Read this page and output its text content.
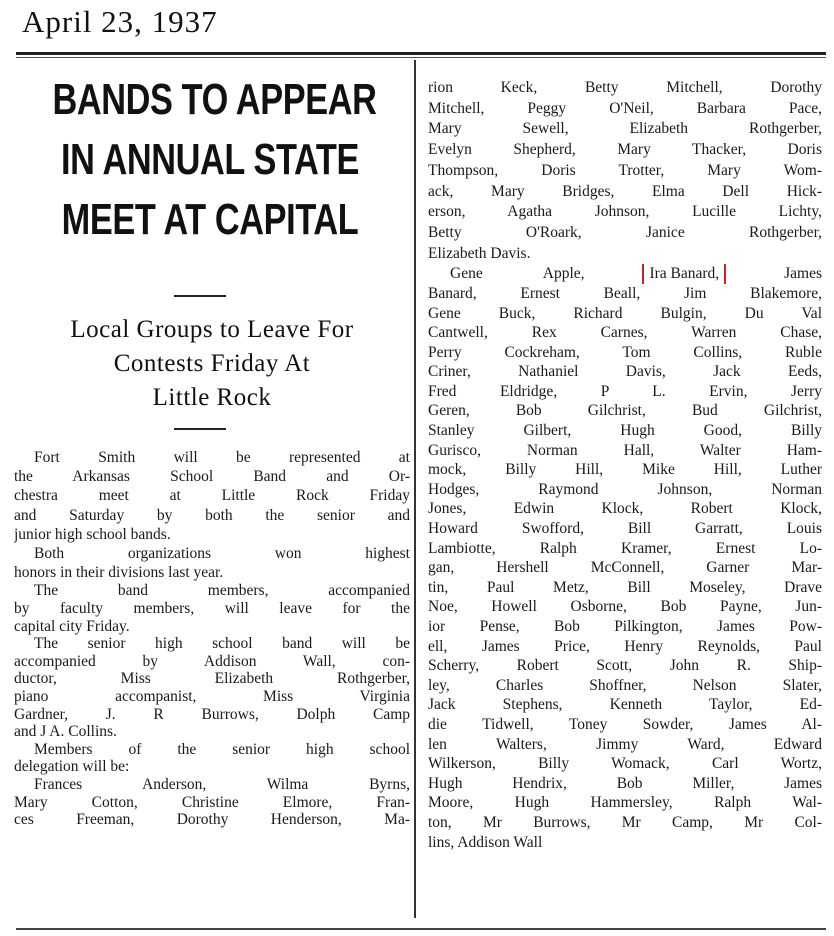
April 23, 1937
BANDS TO APPEAR
IN ANNUAL STATE
MEET AT CAPITAL
Local Groups to Leave For
Contests Friday At
Little Rock
Fort Smith will be represented at
the Arkansas School Band and Or-
chestra meet at Little Rock Friday
and Saturday by both the senior and
junior high school bands.
Both organizations won highest
honors in their divisions last year.
The band members, accompanied
by faculty members, will leave for the
capital city Friday.
The senior high school band will be
accompanied by Addison Wall, con-
ductor, Miss Elizabeth Rothgerber,
piano accompanist, Miss Virginia
Gardner, J. R Burrows, Dolph Camp
and J A. Collins.
Members of the senior high school
delegation will be:
Frances Anderson, Wilma Byrns,
Mary Cotton, Christine Elmore, Fran-
ces Freeman, Dorothy Henderson, Ma-
rion Keck, Betty Mitchell, Dorothy
Mitchell, Peggy O'Neil, Barbara Pace,
Mary Sewell, Elizabeth Rothgerber,
Evelyn Shepherd, Mary Thacker, Doris
Thompson, Doris Trotter, Mary Wom-
ack, Mary Bridges, Elma Dell Hick-
erson, Agatha Johnson, Lucille Lichty,
Betty O'Roark, Janice Rothgerber,
Elizabeth Davis.
Gene Apple,	Ira Banard,	James
Banard, Ernest Beall, Jim Blakemore,
Gene Buck, Richard Bulgin, Du Val
Cantwell, Rex Carnes, Warren Chase,
Perry Cockreham, Tom Collins, Ruble
Criner, Nathaniel Davis, Jack Eeds,
Fred Eldridge, P L. Ervin, Jerry
Geren, Bob Gilchrist, Bud Gilchrist,
Stanley Gilbert, Hugh Good, Billy
Gurisco, Norman Hall, Walter Ham-
mock, Billy Hill, Mike Hill, Luther
Hodges, Raymond Johnson, Norman
Jones, Edwin Klock, Robert Klock,
Howard Swofford, Bill Garratt, Louis
Lambiotte, Ralph Kramer, Ernest Lo-
gan, Hershell McConnell, Garner Mar-
tin, Paul Metz, Bill Moseley, Drave
Noe, Howell Osborne, Bob Payne, Jun-
ior Pense, Bob Pilkington, James Pow-
ell, James Price, Henry Reynolds, Paul
Scherry, Robert Scott, John R. Ship-
ley, Charles Shoffner, Nelson Slater,
Jack Stephens, Kenneth Taylor, Ed-
die Tidwell, Toney Sowder, James Al-
len Walters, Jimmy Ward, Edward
Wilkerson, Billy Womack, Carl Wortz,
Hugh Hendrix, Bob Miller, James
Moore, Hugh Hammersley, Ralph Wal-
ton, Mr Burrows, Mr Camp, Mr Col-
lins, Addison Wall
